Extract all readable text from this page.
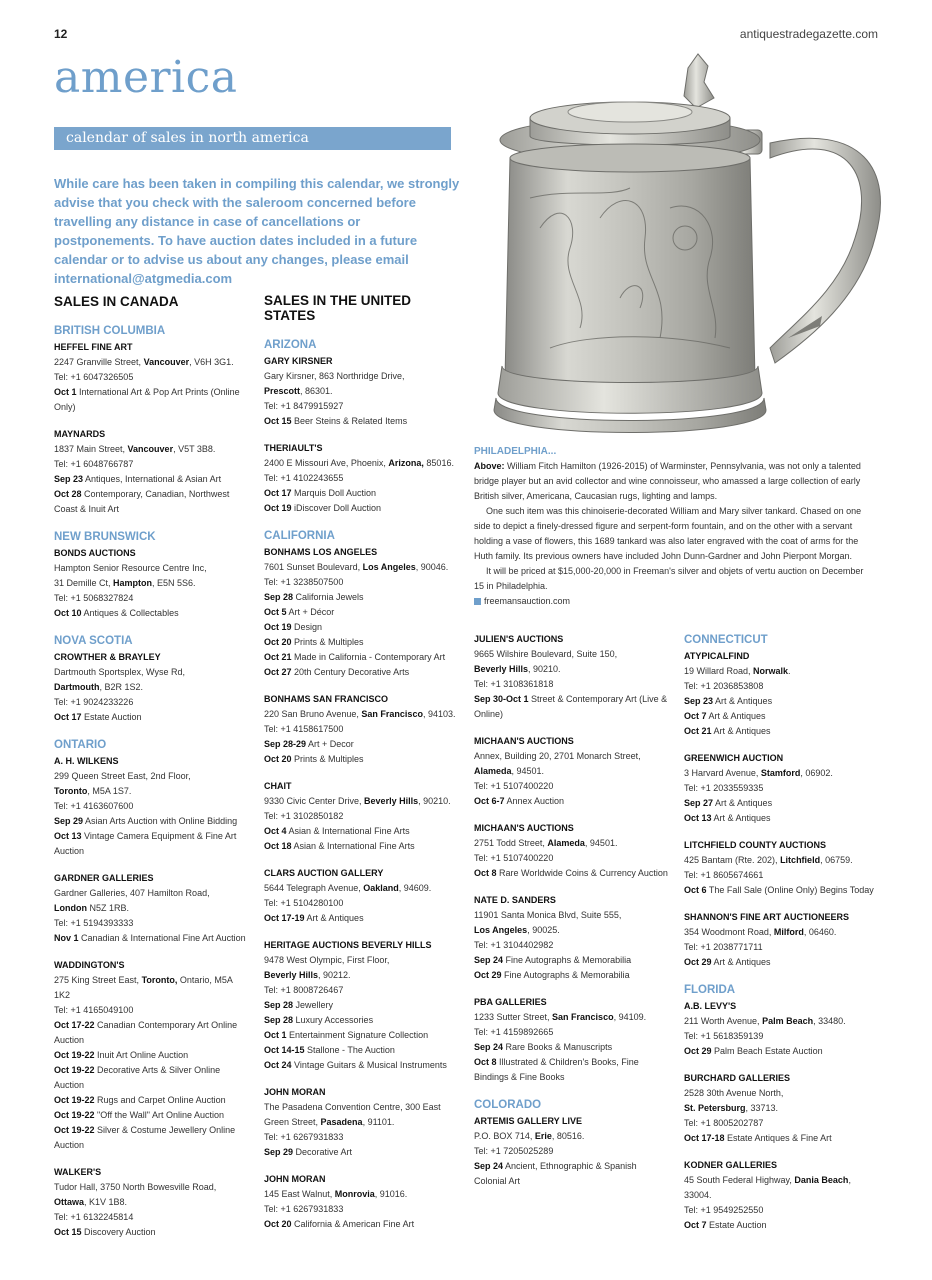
12	antiquestradegazette.com
america
calendar of sales in north america
While care has been taken in compiling this calendar, we strongly advise that you check with the saleroom concerned before travelling any distance in case of cancellations or postponements. To have auction dates included in a future calendar or to advise us about any changes, please email international@atgmedia.com
PHILADELPHIA...
Above: William Fitch Hamilton (1926-2015) of Warminster, Pennsylvania, was not only a talented bridge player but an avid collector and wine connoisseur, who amassed a large collection of early British silver, Americana, Caucasian rugs, lighting and lamps.
One such item was this chinoiserie-decorated William and Mary silver tankard. Chased on one side to depict a finely-dressed figure and serpent-form fountain, and on the other with a servant holding a vase of flowers, this 1689 tankard was also later engraved with the coat of arms for the Huth family. Its previous owners have included John Dunn-Gardner and John Pierpont Morgan.
It will be priced at $15,000-20,000 in Freeman's silver and objets of vertu auction on December 15 in Philadelphia.
freemansauction.com
SALES IN CANADA
BRITISH COLUMBIA
HEFFEL FINE ART
2247 Granville Street, Vancouver, V6H 3G1.
Tel: +1 6047326505
Oct 1 International Art & Pop Art Prints (Online Only)
MAYNARDS
1837 Main Street, Vancouver, V5T 3B8.
Tel: +1 6048766787
Sep 23 Antiques, International & Asian Art
Oct 28 Contemporary, Canadian, Northwest Coast & Inuit Art
NEW BRUNSWICK
BONDS AUCTIONS
Hampton Senior Resource Centre Inc,
31 Demille Ct, Hampton, E5N 5S6.
Tel: +1 5068327824
Oct 10 Antiques & Collectables
NOVA SCOTIA
CROWTHER & BRAYLEY
Dartmouth Sportsplex, Wyse Rd,
Dartmouth, B2R 1S2.
Tel: +1 9024233226
Oct 17 Estate Auction
ONTARIO
A. H. WILKENS
299 Queen Street East, 2nd Floor,
Toronto, M5A 1S7.
Tel: +1 4163607600
Sep 29 Asian Arts Auction with Online Bidding
Oct 13 Vintage Camera Equipment & Fine Art Auction
GARDNER GALLERIES
Gardner Galleries, 407 Hamilton Road,
London N5Z 1RB.
Tel: +1 5194393333
Nov 1 Canadian & International Fine Art Auction
WADDINGTON'S
275 King Street East, Toronto, Ontario, M5A 1K2
Tel: +1 4165049100
Oct 17-22 Canadian Contemporary Art Online Auction
Oct 19-22 Inuit Art Online Auction
Oct 19-22 Decorative Arts & Silver Online Auction
Oct 19-22 Rugs and Carpet Online Auction
Oct 19-22 "Off the Wall" Art Online Auction
Oct 19-22 Silver & Costume Jewellery Online Auction
WALKER'S
Tudor Hall, 3750 North Bowesville Road,
Ottawa, K1V 1B8.
Tel: +1 6132245814
Oct 15 Discovery Auction
SALES IN THE UNITED STATES
ARIZONA
GARY KIRSNER
Gary Kirsner, 863 Northridge Drive,
Prescott, 86301.
Tel: +1 8479915927
Oct 15 Beer Steins & Related Items
THERIAULT'S
2400 E Missouri Ave, Phoenix, Arizona, 85016.
Tel: +1 4102243655
Oct 17 Marquis Doll Auction
Oct 19 iDiscover Doll Auction
CALIFORNIA
BONHAMS LOS ANGELES
7601 Sunset Boulevard, Los Angeles, 90046.
Tel: +1 3238507500
Sep 28 California Jewels
Oct 5 Art + Décor
Oct 19 Design
Oct 20 Prints & Multiples
Oct 21 Made in California - Contemporary Art
Oct 27 20th Century Decorative Arts
BONHAMS SAN FRANCISCO
220 San Bruno Avenue, San Francisco, 94103.
Tel: +1 4158617500
Sep 28-29 Art + Decor
Oct 20 Prints & Multiples
CHAIT
9330 Civic Center Drive, Beverly Hills, 90210.
Tel: +1 3102850182
Oct 4 Asian & International Fine Arts
Oct 18 Asian & International Fine Arts
CLARS AUCTION GALLERY
5644 Telegraph Avenue, Oakland, 94609.
Tel: +1 5104280100
Oct 17-19 Art & Antiques
HERITAGE AUCTIONS BEVERLY HILLS
9478 West Olympic, First Floor,
Beverly Hills, 90212.
Tel: +1 8008726467
Sep 28 Jewellery
Sep 28 Luxury Accessories
Oct 1 Entertainment Signature Collection
Oct 14-15 Stallone - The Auction
Oct 24 Vintage Guitars & Musical Instruments
JOHN MORAN
The Pasadena Convention Centre, 300 East Green Street, Pasadena, 91101.
Tel: +1 6267931833
Sep 29 Decorative Art
JOHN MORAN
145 East Walnut, Monrovia, 91016.
Tel: +1 6267931833
Oct 20 California & American Fine Art
JULIEN'S AUCTIONS
9665 Wilshire Boulevard, Suite 150,
Beverly Hills, 90210.
Tel: +1 3108361818
Sep 30-Oct 1 Street & Contemporary Art (Live & Online)
MICHAAN'S AUCTIONS
Annex, Building 20, 2701 Monarch Street,
Alameda, 94501.
Tel: +1 5107400220
Oct 6-7 Annex Auction
MICHAAN'S AUCTIONS
2751 Todd Street, Alameda, 94501.
Tel: +1 5107400220
Oct 8 Rare Worldwide Coins & Currency Auction
NATE D. SANDERS
11901 Santa Monica Blvd, Suite 555,
Los Angeles, 90025.
Tel: +1 3104402982
Sep 24 Fine Autographs & Memorabilia
Oct 29 Fine Autographs & Memorabilia
PBA GALLERIES
1233 Sutter Street, San Francisco, 94109.
Tel: +1 4159892665
Sep 24 Rare Books & Manuscripts
Oct 8 Illustrated & Children's Books, Fine Bindings & Fine Books
COLORADO
ARTEMIS GALLERY LIVE
P.O. BOX 714, Erie, 80516.
Tel: +1 7205025289
Sep 24 Ancient, Ethnographic & Spanish Colonial Art
CONNECTICUT
ATYPICALFIND
19 Willard Road, Norwalk.
Tel: +1 2036853808
Sep 23 Art & Antiques
Oct 7 Art & Antiques
Oct 21 Art & Antiques
GREENWICH AUCTION
3 Harvard Avenue, Stamford, 06902.
Tel: +1 2033559335
Sep 27 Art & Antiques
Oct 13 Art & Antiques
LITCHFIELD COUNTY AUCTIONS
425 Bantam (Rte. 202), Litchfield, 06759.
Tel: +1 8605674661
Oct 6 The Fall Sale (Online Only) Begins Today
SHANNON'S FINE ART AUCTIONEERS
354 Woodmont Road, Milford, 06460.
Tel: +1 2038771711
Oct 29 Art & Antiques
FLORIDA
A.B. LEVY'S
211 Worth Avenue, Palm Beach, 33480.
Tel: +1 5618359139
Oct 29 Palm Beach Estate Auction
BURCHARD GALLERIES
2528 30th Avenue North,
St. Petersburg, 33713.
Tel: +1 8005202787
Oct 17-18 Estate Antiques & Fine Art
KODNER GALLERIES
45 South Federal Highway, Dania Beach, 33004.
Tel: +1 9549252550
Oct 7 Estate Auction
